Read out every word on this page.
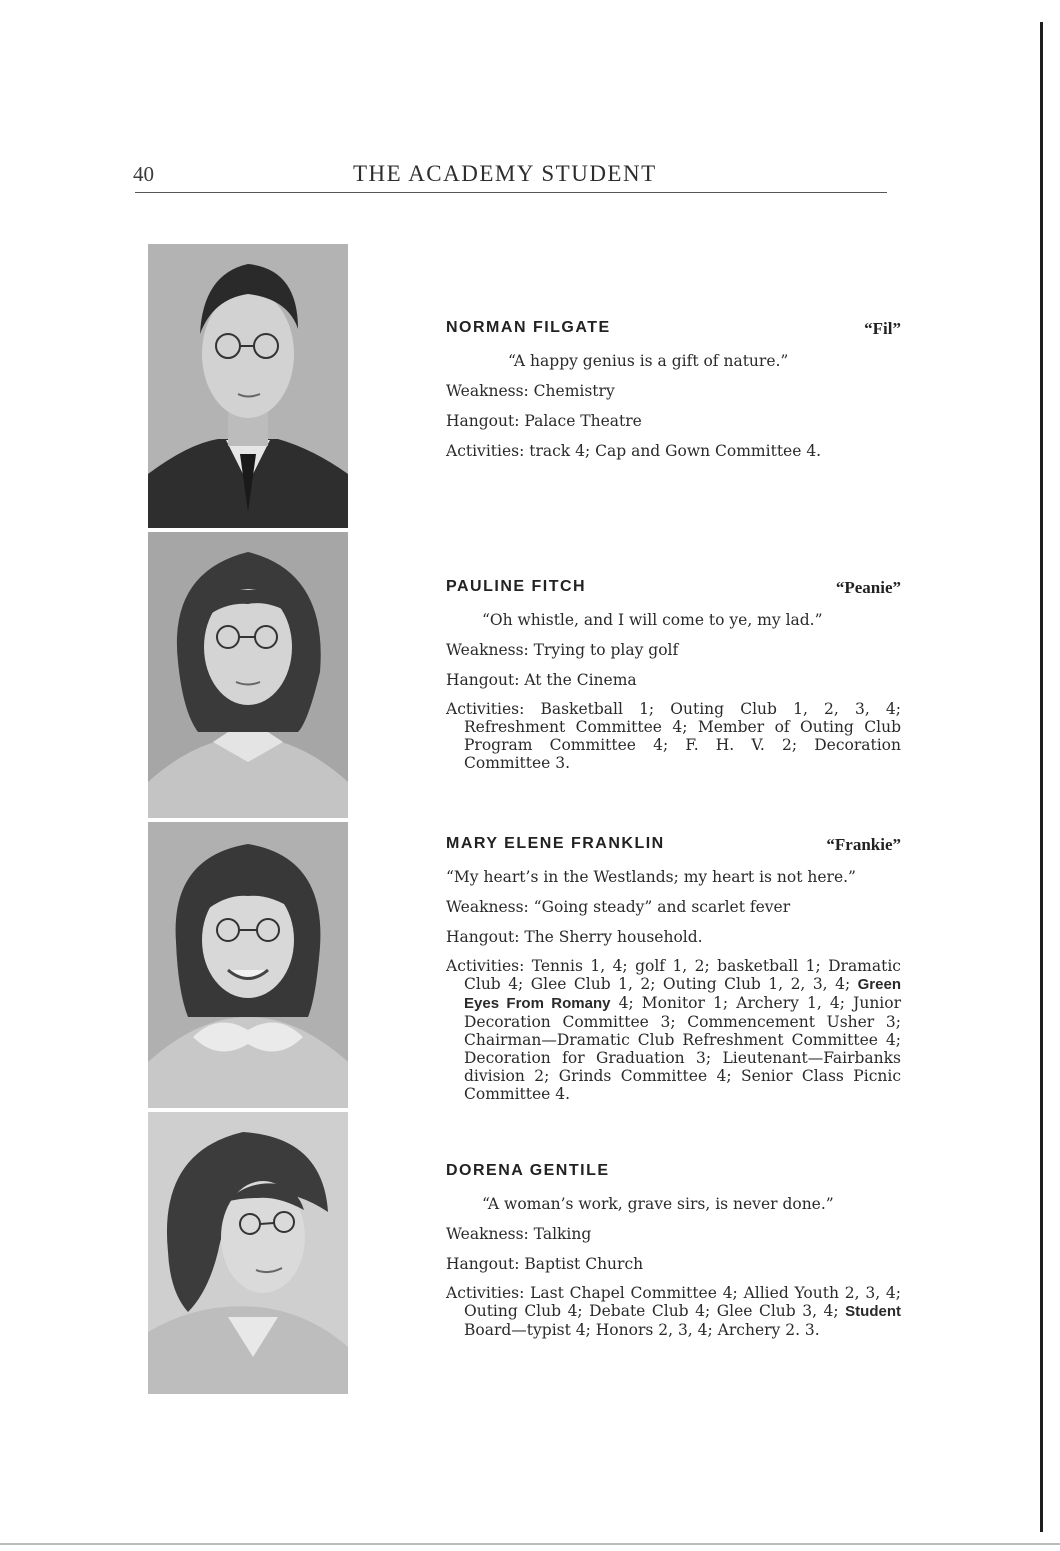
40	THE ACADEMY STUDENT
NORMAN FILGATE	“Fil”
“A happy genius is a gift of nature.”
Weakness: Chemistry
Hangout: Palace Theatre
Activities: track 4; Cap and Gown Committee 4.
PAULINE FITCH	“Peanie”
“Oh whistle, and I will come to ye, my lad.”
Weakness: Trying to play golf
Hangout: At the Cinema
Activities: Basketball 1; Outing Club 1, 2, 3, 4; Refreshment Committee 4; Member of Outing Club Program Committee 4; F. H. V. 2; Decoration Committee 3.
MARY ELENE FRANKLIN	“Frankie”
“My heart’s in the Westlands; my heart is not here.”
Weakness: “Going steady” and scarlet fever
Hangout: The Sherry household.
Activities: Tennis 1, 4; golf 1, 2; basketball 1; Dramatic Club 4; Glee Club 1, 2; Outing Club 1, 2, 3, 4; Green Eyes From Romany 4; Monitor 1; Archery 1, 4; Junior Decoration Committee 3; Commencement Usher 3; Chairman—Dramatic Club Refreshment Committee 4; Decoration for Graduation 3; Lieutenant—Fairbanks division 2; Grinds Committee 4; Senior Class Picnic Committee 4.
DORENA GENTILE
“A woman’s work, grave sirs, is never done.”
Weakness: Talking
Hangout: Baptist Church
Activities: Last Chapel Committee 4; Allied Youth 2, 3, 4; Outing Club 4; Debate Club 4; Glee Club 3, 4; Student Board—typist 4; Honors 2, 3, 4; Archery 2. 3.
